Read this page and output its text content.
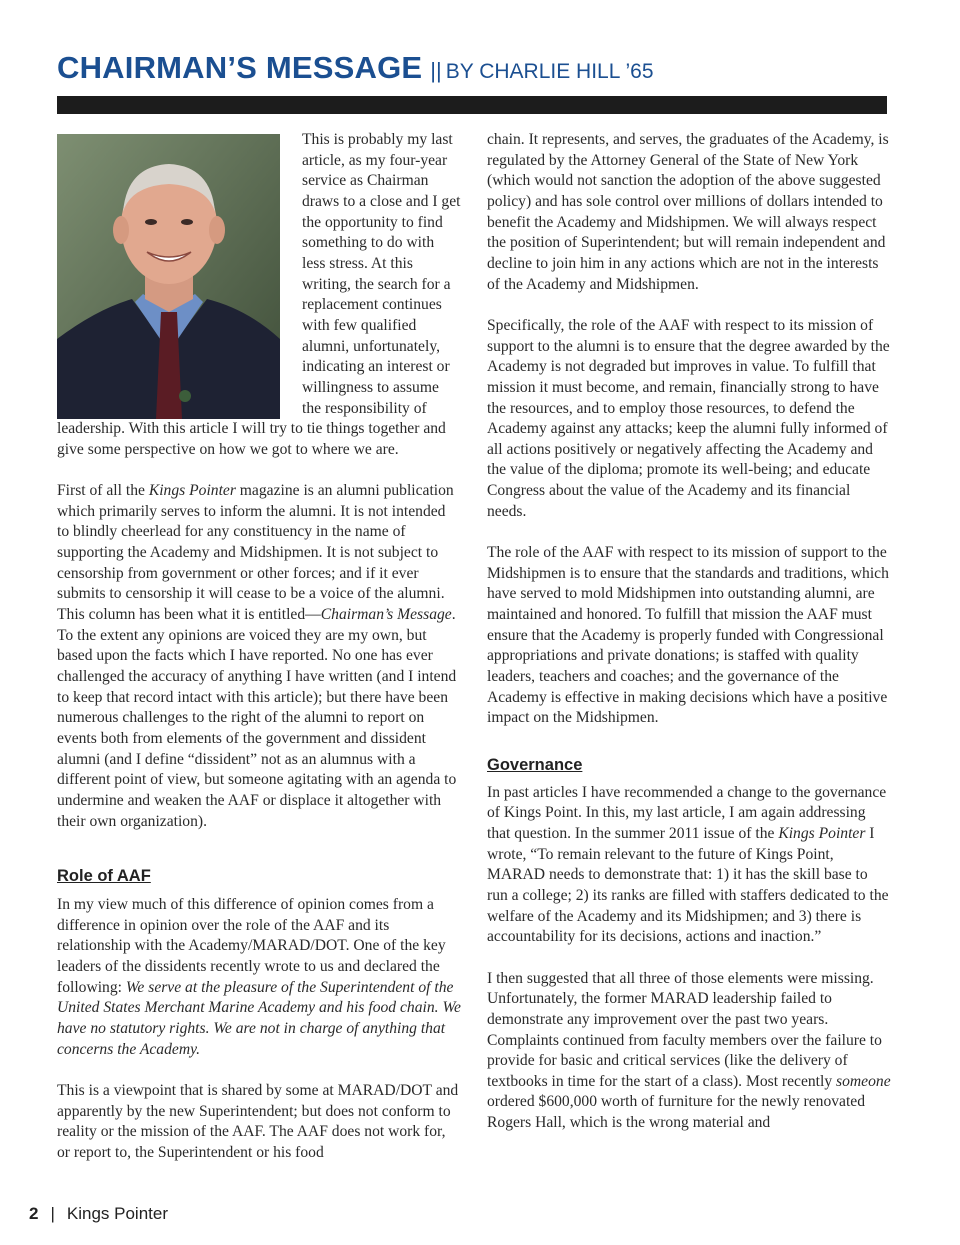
CHAIRMAN’S MESSAGE || BY CHARLIE HILL ’65

This is probably my last article, as my four-year service as Chairman draws to a close and I get the opportunity to find something to do with less stress. At this writing, the search for a replacement continues with few qualified alumni, unfortunately, indicating an interest or willingness to assume the responsibility of leadership. With this article I will try to tie things together and give some perspective on how we got to where we are.

First of all the Kings Pointer magazine is an alumni publication which primarily serves to inform the alumni. It is not intended to blindly cheerlead for any constituency in the name of supporting the Academy and Midshipmen. It is not subject to censorship from government or other forces; and if it ever submits to censorship it will cease to be a voice of the alumni. This column has been what it is entitled—Chairman’s Message. To the extent any opinions are voiced they are my own, but based upon the facts which I have reported. No one has ever challenged the accuracy of anything I have written (and I intend to keep that record intact with this article); but there have been numerous challenges to the right of the alumni to report on events both from elements of the government and dissident alumni (and I define “dissident” not as an alumnus with a different point of view, but someone agitating with an agenda to undermine and weaken the AAF or displace it altogether with their own organization).

Role of AAF

In my view much of this difference of opinion comes from a difference in opinion over the role of the AAF and its relationship with the Academy/MARAD/DOT. One of the key leaders of the dissidents recently wrote to us and declared the following: We serve at the pleasure of the Superintendent of the United States Merchant Marine Academy and his food chain. We have no statutory rights. We are not in charge of anything that concerns the Academy.

This is a viewpoint that is shared by some at MARAD/DOT and apparently by the new Superintendent; but does not conform to reality or the mission of the AAF. The AAF does not work for, or report to, the Superintendent or his food

chain. It represents, and serves, the graduates of the Academy, is regulated by the Attorney General of the State of New York (which would not sanction the adoption of the above suggested policy) and has sole control over millions of dollars intended to benefit the Academy and Midshipmen. We will always respect the position of Superintendent; but will remain independent and decline to join him in any actions which are not in the interests of the Academy and Midshipmen.

Specifically, the role of the AAF with respect to its mission of support to the alumni is to ensure that the degree awarded by the Academy is not degraded but improves in value. To fulfill that mission it must become, and remain, financially strong to have the resources, and to employ those resources, to defend the Academy against any attacks; keep the alumni fully informed of all actions positively or negatively affecting the Academy and the value of the diploma; promote its well-being; and educate Congress about the value of the Academy and its financial needs.

The role of the AAF with respect to its mission of support to the Midshipmen is to ensure that the standards and traditions, which have served to mold Midshipmen into outstanding alumni, are maintained and honored. To fulfill that mission the AAF must ensure that the Academy is properly funded with Congressional appropriations and private donations; is staffed with quality leaders, teachers and coaches; and the governance of the Academy is effective in making decisions which have a positive impact on the Midshipmen.

Governance

In past articles I have recommended a change to the governance of Kings Point. In this, my last article, I am again addressing that question. In the summer 2011 issue of the Kings Pointer I wrote, “To remain relevant to the future of Kings Point, MARAD needs to demonstrate that: 1) it has the skill base to run a college; 2) its ranks are filled with staffers dedicated to the welfare of the Academy and its Midshipmen; and 3) there is accountability for its decisions, actions and inaction.”

I then suggested that all three of those elements were missing. Unfortunately, the former MARAD leadership failed to demonstrate any improvement over the past two years. Complaints continued from faculty members over the failure to provide for basic and critical services (like the delivery of textbooks in time for the start of a class). Most recently someone ordered $600,000 worth of furniture for the newly renovated Rogers Hall, which is the wrong material and

2 | Kings Pointer
